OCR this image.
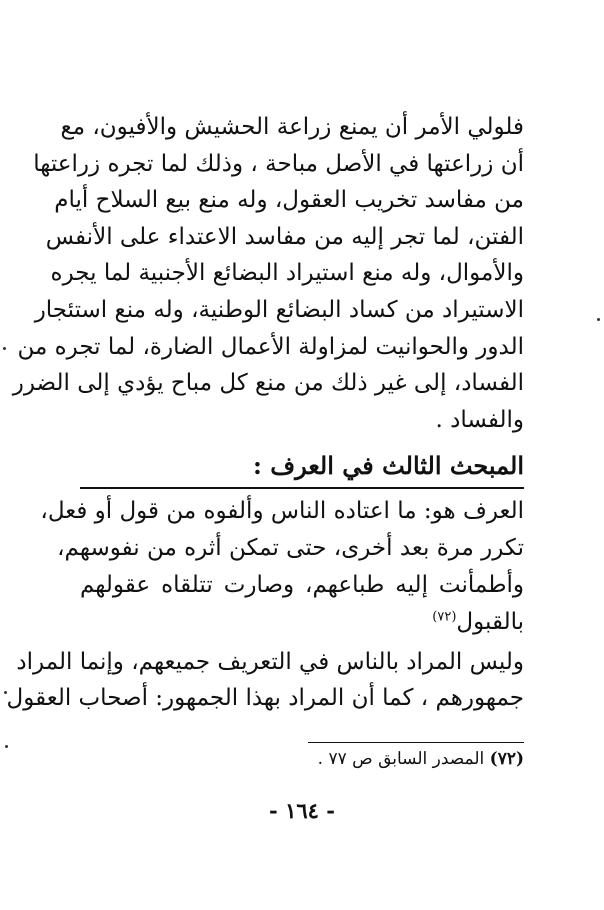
فلولي الأمر أن يمنع زراعة الحشيش والأفيون، مع
أن زراعتها في الأصل مباحة ، وذلك لما تجره زراعتها
من مفاسد تخريب العقول، وله منع بيع السلاح أيام
الفتن، لما تجر إليه من مفاسد الاعتداء على الأنفس
والأموال، وله منع استيراد البضائع الأجنبية لما يجره
الاستيراد من كساد البضائع الوطنية، وله منع استئجار
الدور والحوانيت لمزاولة الأعمال الضارة، لما تجره من
الفساد، إلى غير ذلك من منع كل مباح يؤدي إلى الضرر
والفساد .
المبحث الثالث في العرف :
العرف هو: ما اعتاده الناس وألفوه من قول أو فعل،
تكرر مرة بعد أخرى، حتى تمكن أثره من نفوسهم،
وأطمأنت إليه طباعهم، وصارت تتلقاه عقولهم
بالقبول$^{(٧٢)}$
وليس المراد بالناس في التعريف جميعهم، وإنما المراد
جمهورهم ، كما أن المراد بهذا الجمهور: أصحاب العقول
(٧٢) المصدر السابق ص ٧٧ .
- ١٦٤ -
